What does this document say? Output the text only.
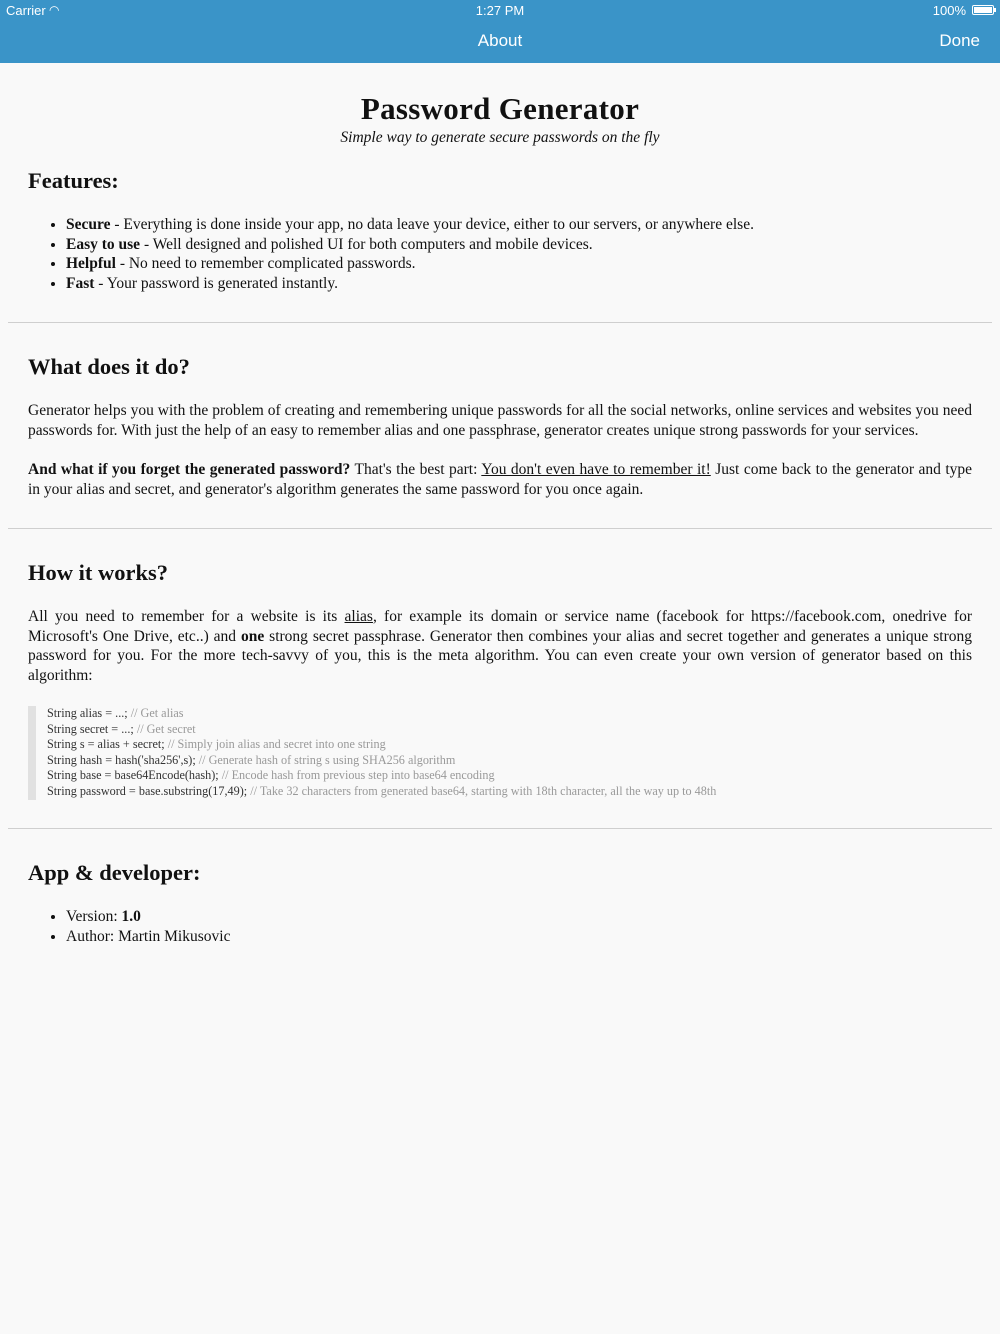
Carrier ◠	1:27 PM	100%
About	Done
Password Generator
Simple way to generate secure passwords on the fly
Features:
• Secure - Everything is done inside your app, no data leave your device, either to our servers, or anywhere else.
• Easy to use - Well designed and polished UI for both computers and mobile devices.
• Helpful - No need to remember complicated passwords.
• Fast - Your password is generated instantly.
What does it do?

Generator helps you with the problem of creating and remembering unique passwords for all the social networks, online services and websites you need passwords for. With just the help of an easy to remember alias and one passphrase, generator creates unique strong passwords for your services.

And what if you forget the generated password? That's the best part: You don't even have to remember it! Just come back to the generator and type in your alias and secret, and generator's algorithm generates the same password for you once again.

How it works?

All you need to remember for a website is its alias, for example its domain or service name (facebook for https://facebook.com, onedrive for Microsoft's One Drive, etc..) and one strong secret passphrase. Generator then combines your alias and secret together and generates a unique strong password for you. For the more tech-savvy of you, this is the meta algorithm. You can even create your own version of generator based on this algorithm:

String alias = ...; // Get alias
String secret = ...; // Get secret
String s = alias + secret; // Simply join alias and secret into one string
String hash = hash('sha256',s); // Generate hash of string s using SHA256 algorithm
String base = base64Encode(hash); // Encode hash from previous step into base64 encoding
String password = base.substring(17,49); // Take 32 characters from generated base64, starting with 18th character, all the way up to 48th
App & developer:
• Version: 1.0
• Author: Martin Mikusovic
